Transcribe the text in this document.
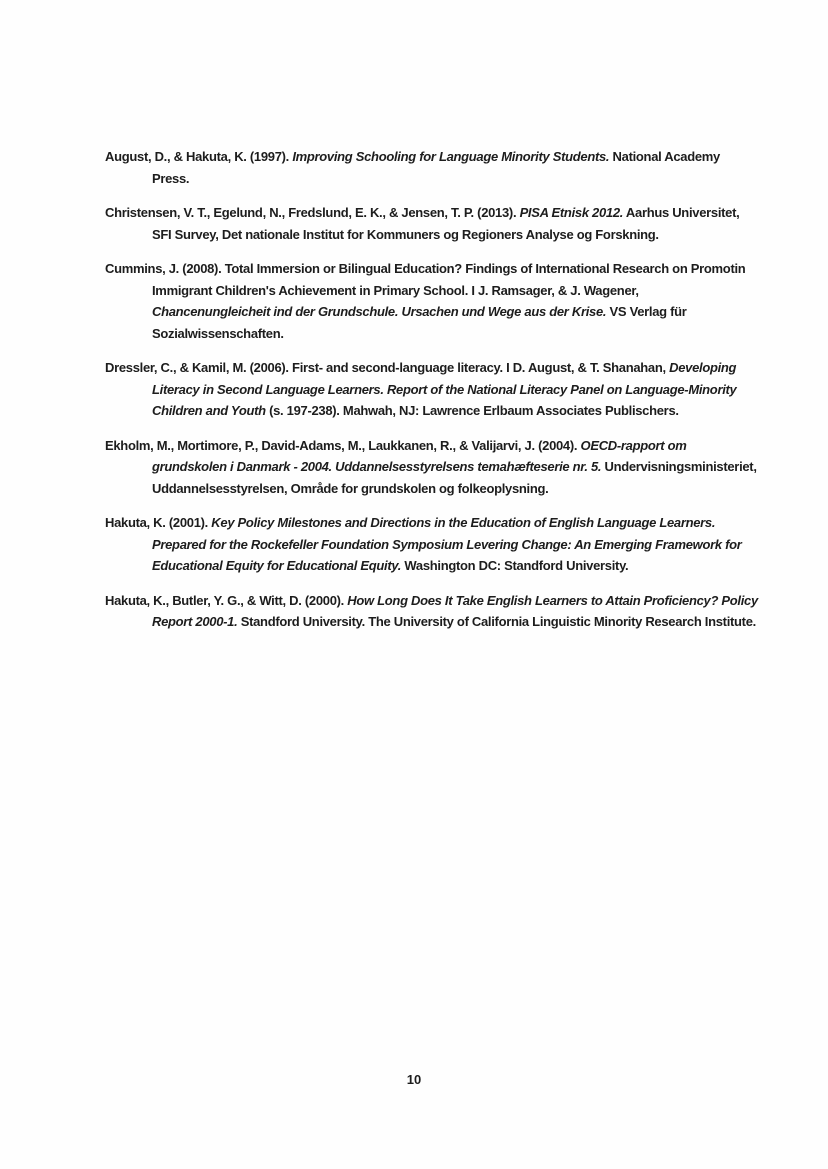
August, D., & Hakuta, K. (1997). Improving Schooling for Language Minority Students. National Academy Press.

Christensen, V. T., Egelund, N., Fredslund, E. K., & Jensen, T. P. (2013). PISA Etnisk 2012. Aarhus Universitet, SFI Survey, Det nationale Institut for Kommuners og Regioners Analyse og Forskning.

Cummins, J. (2008). Total Immersion or Bilingual Education? Findings of International Research on Promotin Immigrant Children's Achievement in Primary School. I J. Ramsager, & J. Wagener, Chancenungleicheit ind der Grundschule. Ursachen und Wege aus der Krise. VS Verlag für Sozialwissenschaften.

Dressler, C., & Kamil, M. (2006). First- and second-language literacy. I D. August, & T. Shanahan, Developing Literacy in Second Language Learners. Report of the National Literacy Panel on Language-Minority Children and Youth (s. 197-238). Mahwah, NJ: Lawrence Erlbaum Associates Publischers.

Ekholm, M., Mortimore, P., David-Adams, M., Laukkanen, R., & Valijarvi, J. (2004). OECD-rapport om grundskolen i Danmark - 2004. Uddannelsesstyrelsens temahæfteserie nr. 5. Undervisningsministeriet, Uddannelsesstyrelsen, Område for grundskolen og folkeoplysning.

Hakuta, K. (2001). Key Policy Milestones and Directions in the Education of English Language Learners. Prepared for the Rockefeller Foundation Symposium Levering Change: An Emerging Framework for Educational Equity for Educational Equity. Washington DC: Standford University.

Hakuta, K., Butler, Y. G., & Witt, D. (2000). How Long Does It Take English Learners to Attain Proficiency? Policy Report 2000-1. Standford University. The University of California Linguistic Minority Research Institute.

10
